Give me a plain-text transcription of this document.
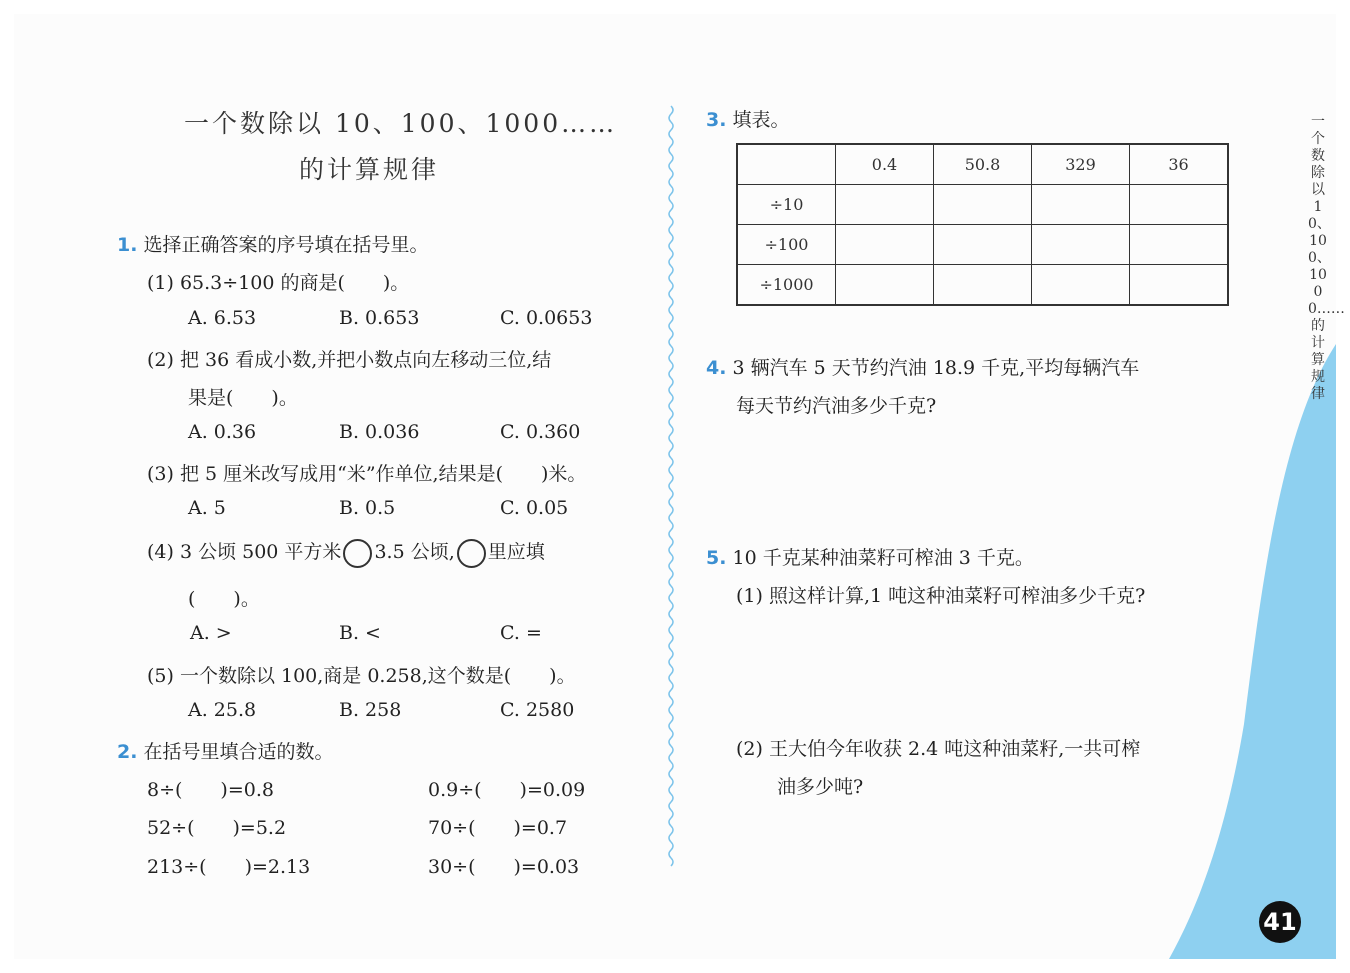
一个数除以 10、100、1000……
的计算规律
1. 选择正确答案的序号填在括号里。
(1) 65.3÷100 的商是(　　)。
A. 6.53	B. 0.653	C. 0.0653
(2) 把 36 看成小数,并把小数点向左移动三位,结
果是(　　)。
A. 0.36	B. 0.036	C. 0.360
(3) 把 5 厘米改写成用“米”作单位,结果是(　　)米。
A. 5	B. 0.5	C. 0.05
(4) 3 公顷 500 平方米 3.5 公顷, 里应填
(　　)。
A. >	B. <	C. =
(5) 一个数除以 100,商是 0.258,这个数是(　　)。
A. 25.8	B. 258	C. 2580
2. 在括号里填合适的数。
8÷(　　)=0.8	0.9÷(　　)=0.09
52÷(　　)=5.2	70÷(　　)=0.7
213÷(　　)=2.13	30÷(　　)=0.03
3. 填表。
	0.4	50.8	329	36
÷10				
÷100				
÷1000				
4. 3 辆汽车 5 天节约汽油 18.9 千克,平均每辆汽车
每天节约汽油多少千克?
5. 10 千克某种油菜籽可榨油 3 千克。
(1) 照这样计算,1 吨这种油菜籽可榨油多少千克?
(2) 王大伯今年收获 2.4 吨这种油菜籽,一共可榨
油多少吨?
一个数除以10、100、1000……的计算规律
41
